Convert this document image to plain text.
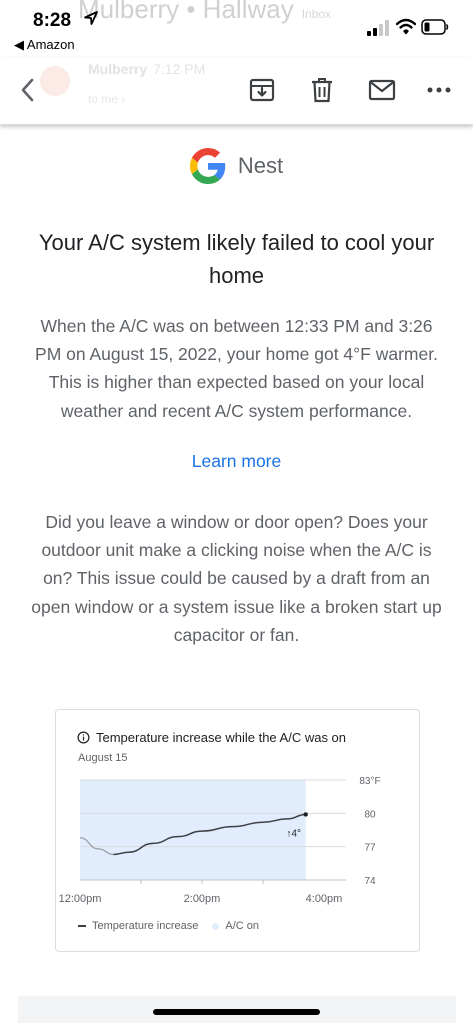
Mulberry • Hallway Inbox
8:28
◀ Amazon
Mulberry 7:12 PM
to me ›
Nest
Your A/C system likely failed to cool your home

When the A/C was on between 12:33 PM and 3:26 PM on August 15, 2022, your home got 4°F warmer. This is higher than expected based on your local weather and recent A/C system performance.

Learn more

Did you leave a window or door open? Does your outdoor unit make a clicking noise when the A/C is on? This issue could be caused by a draft from an open window or a system issue like a broken start up capacitor or fan.

Temperature increase while the A/C was on
August 15
83°F
80
77
74
12:00pm	2:00pm	4:00pm
↑4°
Temperature increase A/C on
